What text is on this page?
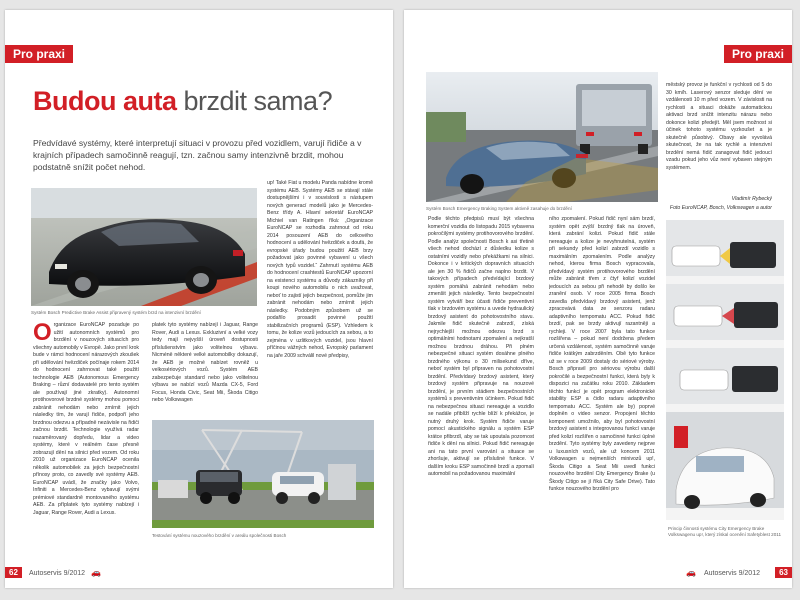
Pro praxi
Budou auta brzdit sama?
Předvídavé systémy, které interpretují situaci v provozu před vozidlem, varují řidiče a v krajních případech samočinně reagují, tzn. začnou samy intenzivně brzdit, mohou podstatně snížit počet nehod.
Systém Bosch Predictive Brake Assist připravený systém brzd na intenzivní brzdění
Organizace EuroNCAP pozaduje po užití autonomních systémů pro brzdění v nouzových situacích pro všechny automobily v Evropě. Jako první krok bude v rámci hodnocení nárazových zkoušek při udělování hvězdiček počínaje rokem 2014 do hodnocení zahrnovat také použití technologie AEB (Autonomous Emergency Braking – různí dodavatelé pro tento systém ale používají jiné zkratky). Autonomní protihovorové brzdné systémy mohou pomoci zabránit nehodám nebo zmírnit jejich následky tím, že varují řidiče, podpoří jeho brzdnou odezvu a případně nezávisle na řidiči začnou brzdit. Technologie využívá radar nazaměrovaný dopředu, lidar a video systémy, které v reálném čase přesně zobrazují dění na silnici před vozem. Od roku 2010 už organizace EuroNCAP ocenila několik automobilek za jejich bezpečnostní přínosy proto, co zavedly své systémy AEB. EuroNCAP uvádí, že značky jako Volvo, Infiniti a Mercedes-Benz vybavují svými prémiové standardně montovaného systému AEB. Za příplatek tyto systémy nabízejí i Jaguar, Range Rover, Audi a Lexus.
platek tyto systémy nabízejí i Jaguar, Range Rover, Audi a Lexus. Exkluzivní a velké vozy tedy mají nejvyšší úroveň dostupnosti příslušenstvím jako volitelnou výbavu. Nicméně některé velké automobilky dokazují, že AEB je možné nabízet rovněž u velkosériových vozů. Systém AEB zabezpečuje standard nebo jako volitelnou výbavu se nabízí vozů Mazda CX-5, Ford Focus, Honda Civic, Seat Mii, Škoda Citigo nebo Volkswagen
Testování systému nouzového brzdění v areálu společnosti Bosch
up! Také Fiat u modelu Panda nabídne kromě systému AEB. Systémy AEB se stávají stále dostupnějšími i v souvislosti s nástupem nových generací modelů jako je Mercedes-Benz třídy A. Hlavní sekretář EuroNCAP Michiel van Ratingen říká: „Organizace EuroNCAP se rozhodla zahrnout od roku 2014 posouzení AEB do celkového hodnocení a udělování hvězdiček a doufá, že evropské úřady budou použití AEB brzy požadovat jako povinné vybavení u všech nových typů vozidel.“ Zahrnutí systému AEB do hodnocení crashtestů EuroNCAP upozorní na existenci systému a důvody zákazníky při koupi nového automobilu o nich uvažovat, neboť to zajistí jejich bezpečnost, pomůže jim zabránit nehodám nebo zmírnit jejich následky. Podobným způsobem už se podařilo prosadit povinné použití stabilizačních programů (ESP). Vzhledem k tomu, že kolize vozů jedoucích za sebou, a to zejména v uzlitkových vozidel, jsou hlavní příčinou vážných nehod, Evropský parlament na jaře 2009 schválil nové předpisy,
62	Autoservis 9/2012 🚗
Pro praxi
Systém Bosch Emergency Braking System aktivně zasahuje do brzdění
Podle těchto předpisů musí být všechna komerční vozidla do listopadu 2015 vybavena pokročilými systémy protihovorového brzdění. Podle analýz společnosti Bosch k asi třetině všech nehod dochází z důsledku kolize s ostatními vozidly nebo překážkami na silnici. Dokonce i v kritických dopravních situacích ale jen 30 % řidičů začne naplno brzdit. V takových případech předvídající brzdový systém pomáhá zabránit nehodám nebo zmenšit jejich následky. Tento bezpečnostní systém vytváří bez účasti řidiče preventivní tlak v brzdovém systému a uvede hydraulický brzdový asistent do pohotovostního stavu. Jakmile řidič skutečně zabrzdí, získá nejrychlejší možnou odezvu brzd s optimálními hodnotami zpomalení a nejkratší možnou brzdnou dráhou. Při plném nebezpečné situaci systém dosáhne plného brzdného výkonu o 30 milisekund dříve, neboť systém byl připraven na pohotovostní brzdění. Předvídavý brzdový asistent, který brzdový systém připravuje na nouzové brzdění, je prvním stádiem bezpečnostních systémů s preventivním účinkem. Pokud řidič na nebezpečnou situaci nereaguje a vozidlo se nadále přiblíží rychle blíží k překážce, je nutný druhý krok. Systém řidiče varuje pomocí akustického signálu a systém ESP krátce přibrzdí, aby se tak upoutala pozornost řidiče k dění na silnici. Pokud řidič nereaguje ani na tato první varování a situace se zhoršuje, aktivují se příslušné funkce. V dalším kroku ESP samočinně brzdí a zpomalí automobil na požadovanou maximální
ního zpomalení. Pokud řidič nyní sám brzdí, systém opět zvýší brzdný tlak na úroveň, která zabrání kolizi. Pokud řidič stále nereaguje a kolize je nevyhnutelná, systém při sekundy před kolizí zabrzdí vozidlo s maximálním zpomalením. Podle analýzy nehod, kterou firma Bosch vypracovala, předvídavý systém protihovorového brzdění může zabránit třem z čtyř kolizí vozidel jedoucích za sebou při nehodě by došlo ke zranění osob. V roce 2005 firma Bosch zavedla předvídavý brzdový asistent, jenž zpracovává data ze senzoru radaru adaptivního tempomatu ACC. Pokud řidič brzdí, pak se brzdy aktivují razantněji a rychleji. V roce 2007 byla tato funkce rozšířena – pokud není dodržena předem určená vzdálenost, systém samočinně varuje řidiče krátkým zabrzděním. Obě tyto funkce už se v roce 2009 dostaly do sériové výroby. Bosch připravil pro sériovou výrobu další pokročilé a bezpečnostní funkci, která byly k dispozici na začátku roku 2010. Základem těchto funkcí je opět program elektronické stability ESP a čidlo radaru adaptivního tempomatu ACC. Systém ale by) poprvé doplněn o video senzor. Propojení těchto komponent umožnilo, aby byl pohotovostní brzdový asistent s integrovanou funkcí varuje před kolizí rozšířen o samočinné funkci úplné brzdění. Tyto systémy byly zavedeny nejprve u luxusních vozů, ale už koncem 2011 Volkswagen u nejmenších minivozů up!, Škoda Citigo a Seat Mii uvedl funkci nouzového brzdění City Emergency Brake (u Škody Citigo se jí říká City Safe Drive). Tato funkce nouzového brzdění pro
městský provoz je funkční v rychlosti od 5 do 30 km/h. Laserový senzor sleduje dění ve vzdálenosti 10 m před vozem. V závislosti na rychlosti a situaci dokáže automatickou aktivaci brzd snížit intenzitu nárazu nebo dokonce kolizi předejít. Měl jsem možnost si účinek tohoto systému vyzkoušet a je skutečně působivý. Obavy ale vyvolává skutečnost, že na tak rychlé a intenzivní brzdění nemá řidič zanagovat řidič jedoucí vzadu pokud jeho vůz není vybaven stejným systémem.
Vladimír Rybecký
Foto EuroNCAP, Bosch, Volkswagen a autor
Princip činnosti systému City Emergency Brake Volkswagenu up!, který získal ocenění Safetyblest 2011
63
Autoservis 9/2012
🚗
